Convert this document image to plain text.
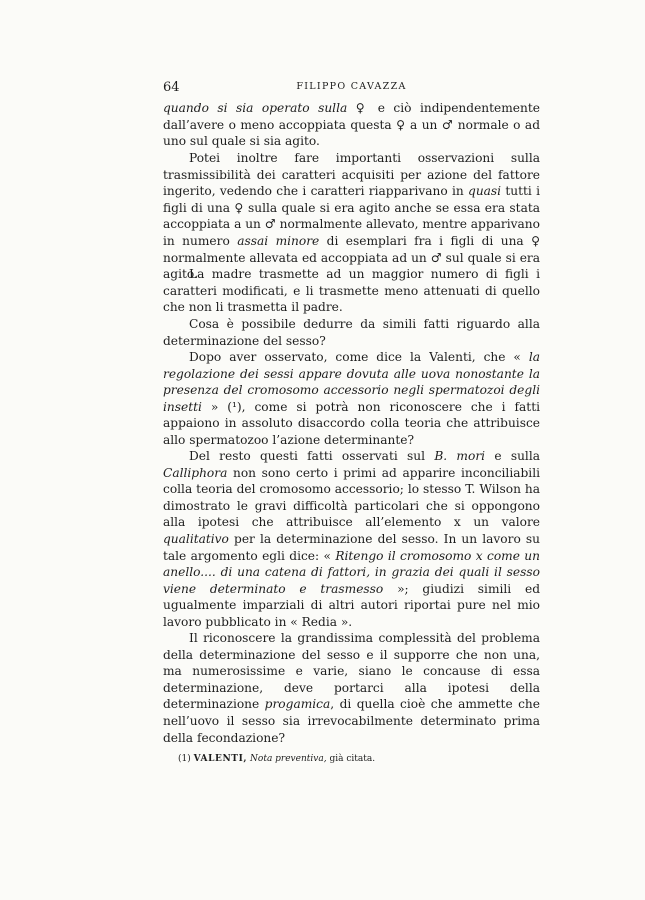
64	FILIPPO CAVAZZA

quando si sia operato sulla ♀ e ciò indipendentemente dall’avere o meno accoppiata questa ♀ a un ♂ normale o ad uno sul quale si sia agito.

Potei inoltre fare importanti osservazioni sulla trasmissibilità dei caratteri acquisiti per azione del fattore ingerito, vedendo che i caratteri riapparivano in quasi tutti i figli di una ♀ sulla quale si era agito anche se essa era stata accoppiata a un ♂ normalmente allevato, mentre apparivano in numero assai minore di esemplari fra i figli di una ♀ normalmente allevata ed accoppiata ad un ♂ sul quale si era agito.

La madre trasmette ad un maggior numero di figli i caratteri modificati, e li trasmette meno attenuati di quello che non li trasmetta il padre.

Cosa è possibile dedurre da simili fatti riguardo alla determinazione del sesso?

Dopo aver osservato, come dice la Valenti, che « la regolazione dei sessi appare dovuta alle uova nonostante la presenza del cromosomo accessorio negli spermatozoi degli insetti » (¹), come si potrà non riconoscere che i fatti appaiono in assoluto disaccordo colla teoria che attribuisce allo spermatozoo l’azione determinante?

Del resto questi fatti osservati sul B. mori e sulla Calliphora non sono certo i primi ad apparire inconciliabili colla teoria del cromosomo accessorio; lo stesso T. Wilson ha dimostrato le gravi difficoltà particolari che si oppongono alla ipotesi che attribuisce all’elemento x un valore qualitativo per la determinazione del sesso. In un lavoro su tale argomento egli dice: « Ritengo il cromosomo x come un anello.... di una catena di fattori, in grazia dei quali il sesso viene determinato e trasmesso »; giudizi simili ed ugualmente imparziali di altri autori riportai pure nel mio lavoro pubblicato in « Redia ».

Il riconoscere la grandissima complessità del problema della determinazione del sesso e il supporre che non una, ma numerosissime e varie, siano le concause di essa determinazione, deve portarci alla ipotesi della determinazione progamica, di quella cioè che ammette che nell’uovo il sesso sia irrevocabilmente determinato prima della fecondazione?

(1) VALENTI, Nota preventiva, già citata.
